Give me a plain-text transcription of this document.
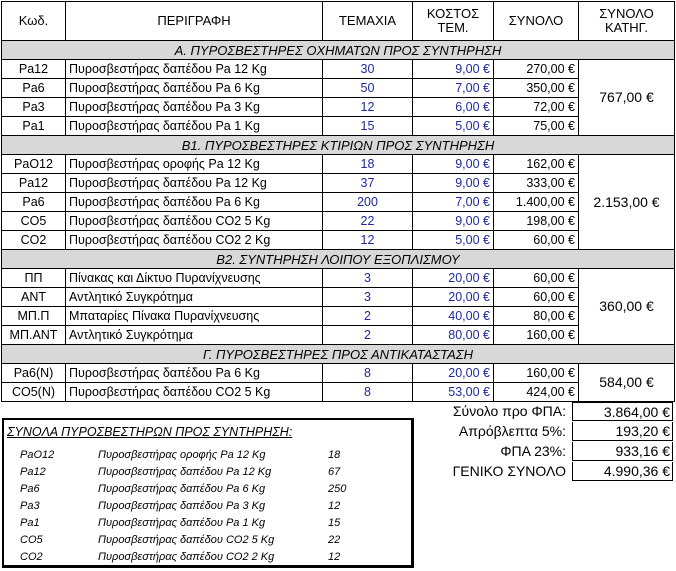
Κωδ.	ΠΕΡΙΓΡΑΦΗ	ΤΕΜΑΧΙΑ	ΚΟΣΤΟΣ ΤΕΜ.	ΣΥΝΟΛΟ	ΣΥΝΟΛΟ ΚΑΤΗΓ.
Α. ΠΥΡΟΣΒΕΣΤΗΡΕΣ ΟΧΗΜΑΤΩΝ ΠΡΟΣ ΣΥΝΤΗΡΗΣΗ					
Pa12	Πυροσβεστήρας δαπέδου Pa 12 Kg	30	9,00 €	270,00 €	767,00 €
Pa6	Πυροσβεστήρας δαπέδου Pa 6 Kg	50	7,00 €	350,00 €	
Pa3	Πυροσβεστήρας δαπέδου Pa 3 Kg	12	6,00 €	72,00 €	
Pa1	Πυροσβεστήρας δαπέδου Pa 1 Kg	15	5,00 €	75,00 €	
Β1. ΠΥΡΟΣΒΕΣΤΗΡΕΣ ΚΤΙΡΙΩΝ ΠΡΟΣ ΣΥΝΤΗΡΗΣΗ					
PaO12	Πυροσβεστήρας οροφής Pa 12 Kg	18	9,00 €	162,00 €	2.153,00 €
Pa12	Πυροσβεστήρας δαπέδου Pa 12 Kg	37	9,00 €	333,00 €	
Pa6	Πυροσβεστήρας δαπέδου Pa 6 Kg	200	7,00 €	1.400,00 €	
CO5	Πυροσβεστήρας δαπέδου CO2 5 Kg	22	9,00 €	198,00 €	
CO2	Πυροσβεστήρας δαπέδου CO2 2 Kg	12	5,00 €	60,00 €	
Β2. ΣΥΝΤΗΡΗΣΗ ΛΟΙΠΟΥ ΕΞΟΠΛΙΣΜΟΥ					
ΠΠ	Πίνακας και Δίκτυο Πυρανίχνευσης	3	20,00 €	60,00 €	360,00 €
ΑΝΤ	Αντλητικό Συγκρότημα	3	20,00 €	60,00 €	
ΜΠ.Π	Μπαταρίες Πίνακα Πυρανίχνευσης	2	40,00 €	80,00 €	
ΜΠ.ΑΝΤ	Αντλητικό Συγκρότημα	2	80,00 €	160,00 €	
Γ. ΠΥΡΟΣΒΕΣΤΗΡΕΣ ΠΡΟΣ ΑΝΤΙΚΑΤΑΣΤΑΣΗ					
Pa6(N)	Πυροσβεστήρας δαπέδου Pa 6 Kg	8	20,00 €	160,00 €	584,00 €
CO5(N)	Πυροσβεστήρας δαπέδου CO2 5 Kg	8	53,00 €	424,00 €	
Σύνολο προ ΦΠΑ:	3.864,00 €
Απρόβλεπτα 5%:	193,20 €
ΦΠΑ 23%:	933,16 €
ΓΕΝΙΚΟ ΣΥΝΟΛΟ	4.990,36 €
ΣΥΝΟΛΑ ΠΥΡΟΣΒΕΣΤΗΡΩΝ ΠΡΟΣ ΣΥΝΤΗΡΗΣΗ:
PaO12	Πυροσβεστήρας οροφής Pa 12 Kg	18
Pa12	Πυροσβεστήρας δαπέδου Pa 12 Kg	67
Pa6	Πυροσβεστήρας δαπέδου Pa 6 Kg	250
Pa3	Πυροσβεστήρας δαπέδου Pa 3 Kg	12
Pa1	Πυροσβεστήρας δαπέδου Pa 1 Kg	15
CO5	Πυροσβεστήρας δαπέδου CO2 5 Kg	22
CO2	Πυροσβεστήρας δαπέδου CO2 2 Kg	12
